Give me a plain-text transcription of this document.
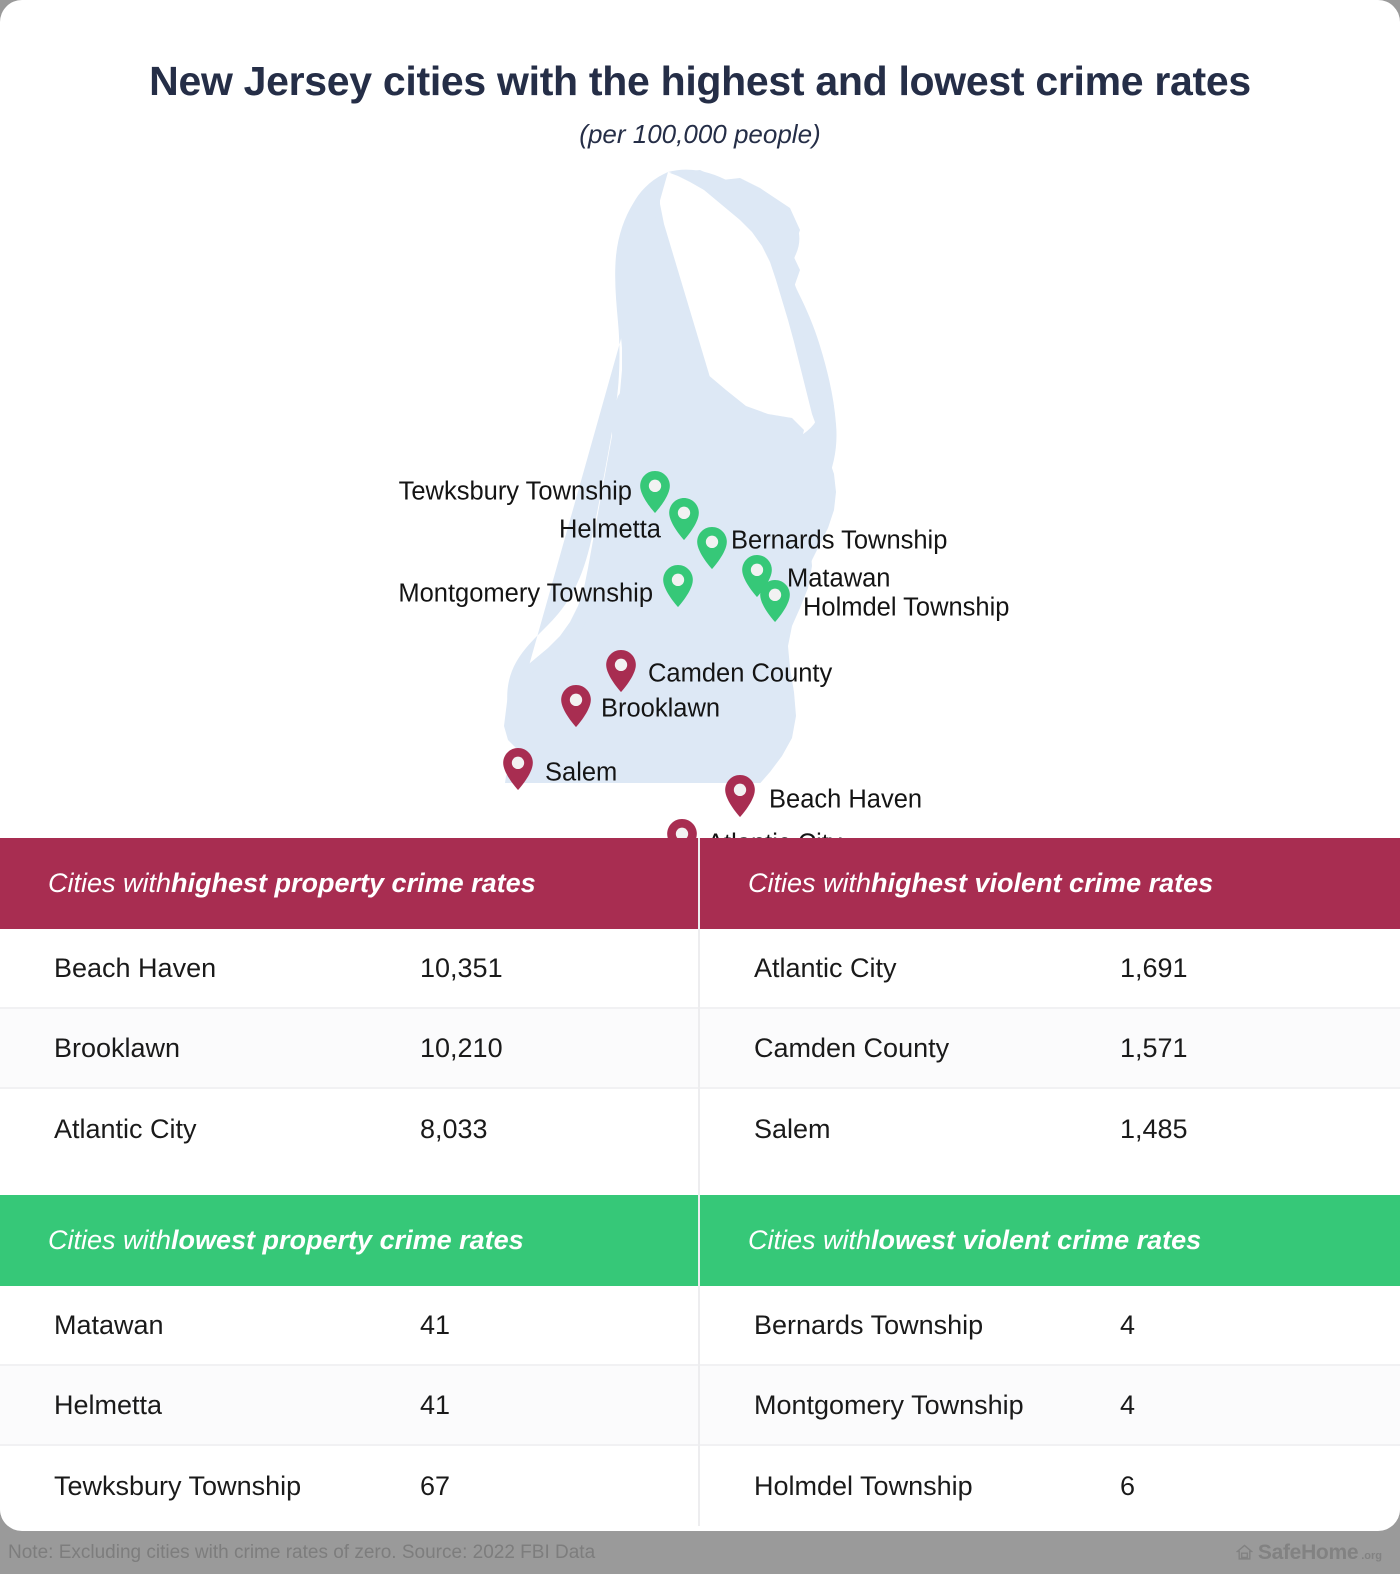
New Jersey cities with the highest and lowest crime rates
(per 100,000 people)
Tewksbury Township
Helmetta	Bernards Township
Montgomery Township
Matawan
Holmdel Township
Camden County
Brooklawn
Salem
Beach Haven
Cities with highest property crime rates
Beach Haven	10,351
Brooklawn	10,210
Atlantic City	8,033
Cities with lowest property crime rates
Matawan	41
Helmetta	41
Tewksbury Township	67
Cities with highest violent crime rates
Atlantic City	1,691
Camden County	1,571
Salem	1,485
Cities with lowest violent crime rates
Bernards Township	4
Montgomery Township	4
Holmdel Township	6
Note: Excluding cities with crime rates of zero. Source: 2022 FBI Data	SafeHome .org
